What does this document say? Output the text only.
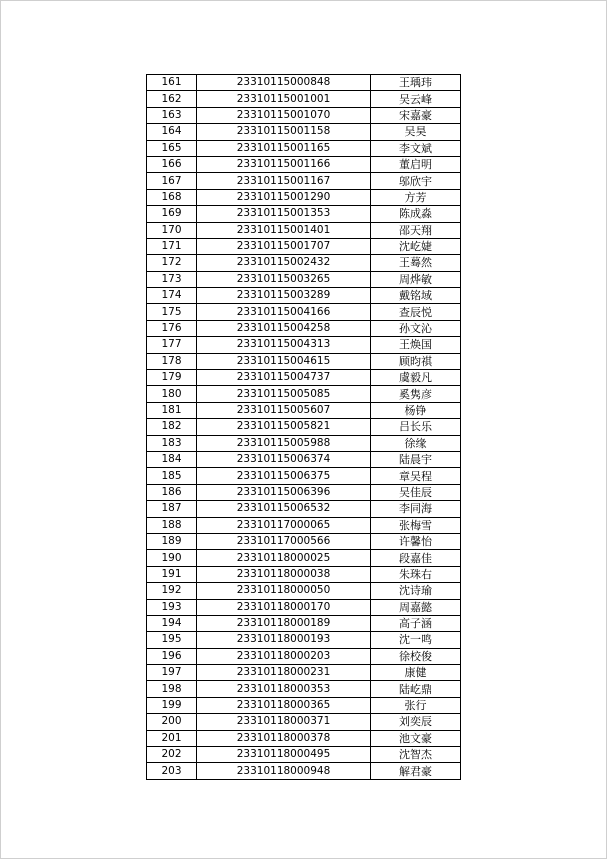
161	23310115000848	王瑀玮
162	23310115001001	吴云峰
163	23310115001070	宋嘉豪
164	23310115001158	吴昊
165	23310115001165	李文斌
166	23310115001166	董启明
167	23310115001167	邬欣宇
168	23310115001290	方芳
169	23310115001353	陈成淼
170	23310115001401	邵天翔
171	23310115001707	沈屹婕
172	23310115002432	王蓦然
173	23310115003265	周烨敏
174	23310115003289	戴铭域
175	23310115004166	查辰悦
176	23310115004258	孙文沁
177	23310115004313	王焕国
178	23310115004615	顾昀祺
179	23310115004737	虞毅凡
180	23310115005085	奚隽彦
181	23310115005607	杨铮
182	23310115005821	吕长乐
183	23310115005988	徐缘
184	23310115006374	陆晨宇
185	23310115006375	章吴程
186	23310115006396	吴佳辰
187	23310115006532	李同海
188	23310117000065	张梅雪
189	23310117000566	许馨怡
190	23310118000025	段嘉佳
191	23310118000038	朱珠右
192	23310118000050	沈诗瑜
193	23310118000170	周嘉懿
194	23310118000189	高子涵
195	23310118000193	沈一鸣
196	23310118000203	徐校俊
197	23310118000231	康健
198	23310118000353	陆屹鼎
199	23310118000365	张行
200	23310118000371	刘奕辰
201	23310118000378	池文豪
202	23310118000495	沈智杰
203	23310118000948	解君豪
